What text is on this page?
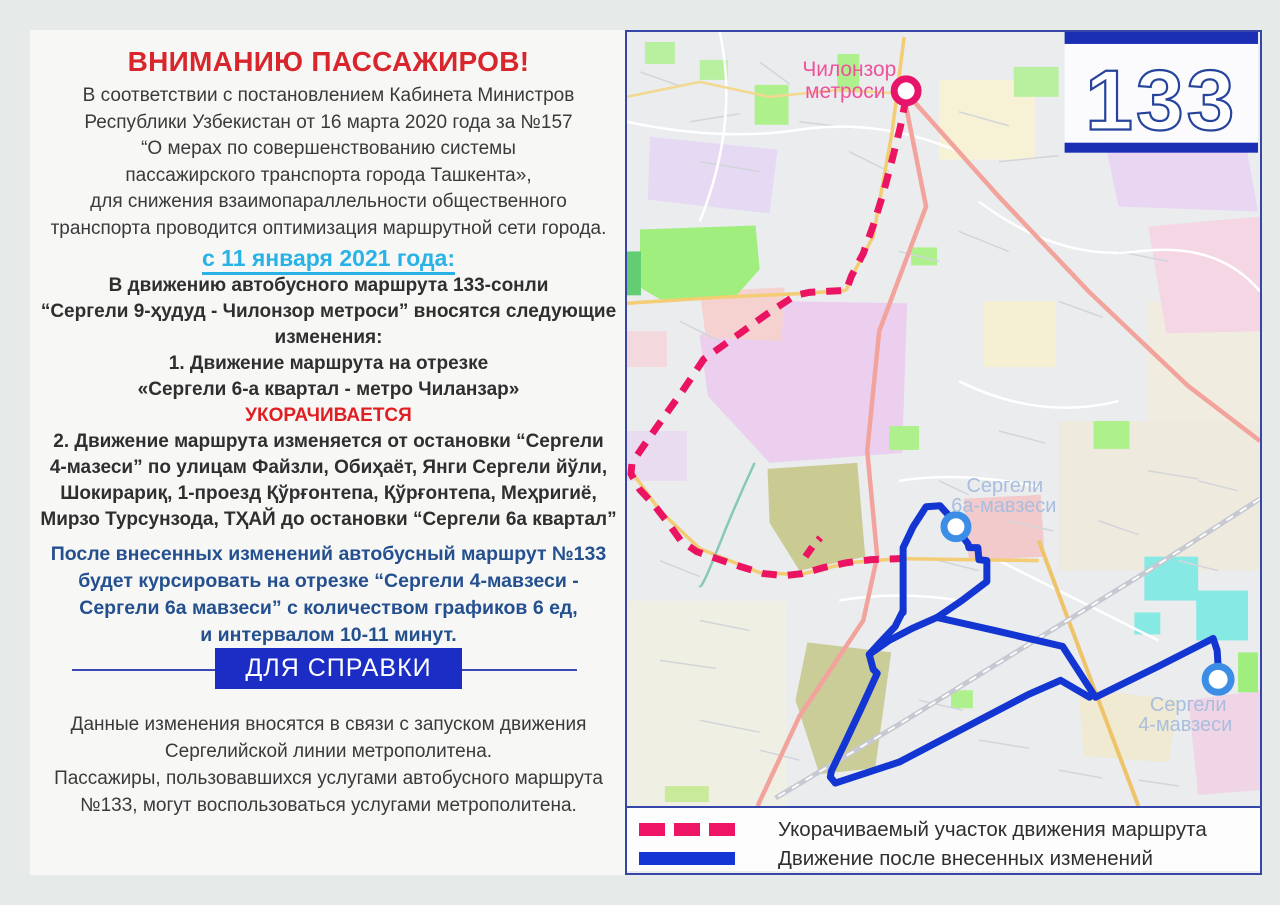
ВНИМАНИЮ ПАССАЖИРОВ!
В соответствии с постановлением Кабинета Министров
Республики Узбекистан от 16 марта 2020 года за №157
“О мерах по совершенствованию системы
пассажирского транспорта города Ташкента»,
для снижения взаимопараллельности общественного
транспорта проводится оптимизация маршрутной сети города.
с 11 января 2021 года:
В движению автобусного маршрута 133-сонли
“Сергели 9-ҳудуд - Чилонзор метроси” вносятся следующие
изменения:
1. Движение маршрута на отрезке
«Сергели 6-а квартал - метро Чиланзар»
УКОРАЧИВАЕТСЯ
2. Движение маршрута изменяется от остановки “Сергели
4-мазеси” по улицам Файзли, Обиҳаёт, Янги Сергели йўли,
Шокирариқ, 1-проезд Қўрғонтепа, Қўрғонтепа, Меҳригиё,
Мирзо Турсунзода, ТҲАЙ до остановки “Сергели 6а квартал”
После внесенных изменений автобусный маршрут №133
будет курсировать на отрезке “Сергели 4-мавзеси -
Сергели 6а мавзеси” с количеством графиков 6 ед,
и интервалом 10-11 минут.
ДЛЯ СПРАВКИ
Данные изменения вносятся в связи с запуском движения
Сергелийской линии метрополитена.
Пассажиры, пользовавшихся услугами автобусного маршрута
№133, могут воспользоваться услугами метрополитена.
Чилонзор
метроси
Сергели
6а-мавзеси
Сергели
4-мавзеси
133
Укорачиваемый участок движения маршрута
Движение после внесенных изменений
